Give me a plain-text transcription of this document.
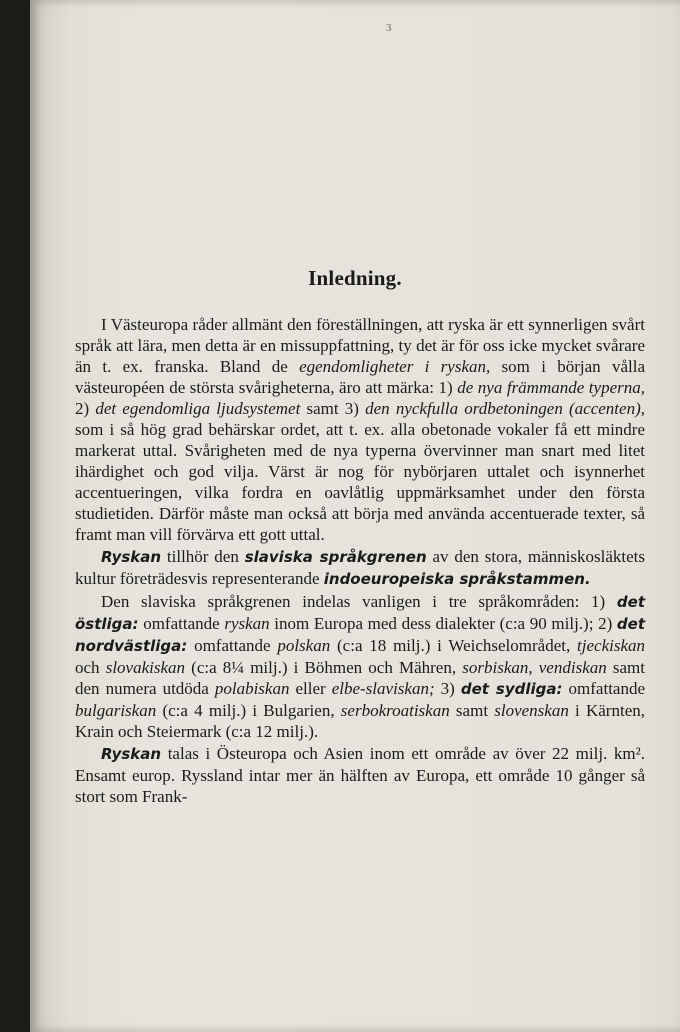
3

Inledning.

I Västeuropa råder allmänt den föreställningen, att ryska är ett synnerligen svårt språk att lära, men detta är en missuppfattning, ty det är för oss icke mycket svårare än t. ex. franska. Bland de egendomligheter i ryskan, som i början vålla västeuropéen de största svårigheterna, äro att märka: 1) de nya främmande typerna, 2) det egendomliga ljudsystemet samt 3) den nyckfulla ordbetoningen (accenten), som i så hög grad behärskar ordet, att t. ex. alla obetonade vokaler få ett mindre markerat uttal. Svårigheten med de nya typerna övervinner man snart med litet ihärdighet och god vilja. Värst är nog för nybörjaren uttalet och isynnerhet accentueringen, vilka fordra en oavlåtlig uppmärksamhet under den första studietiden. Därför måste man också att börja med använda accentuerade texter, så framt man vill förvärva ett gott uttal.

Ryskan tillhör den slaviska språkgrenen av den stora, människosläktets kultur företrädesvis representerande indoeuropeiska språkstammen.

Den slaviska språkgrenen indelas vanligen i tre språkområden: 1) det östliga: omfattande ryskan inom Europa med dess dialekter (c:a 90 milj.); 2) det nordvästliga: omfattande polskan (c:a 18 milj.) i Weichselområdet, tjeckiskan och slovakiskan (c:a 8¼ milj.) i Böhmen och Mähren, sorbiskan, vendiskan samt den numera utdöda polabiskan eller elbe-slaviskan; 3) det sydliga: omfattande bulgariskan (c:a 4 milj.) i Bulgarien, serbokroatiskan samt slovenskan i Kärnten, Krain och Steiermark (c:a 12 milj.).

Ryskan talas i Östeuropa och Asien inom ett område av över 22 milj. km². Ensamt europ. Ryssland intar mer än hälften av Europa, ett område 10 gånger så stort som Frank-
